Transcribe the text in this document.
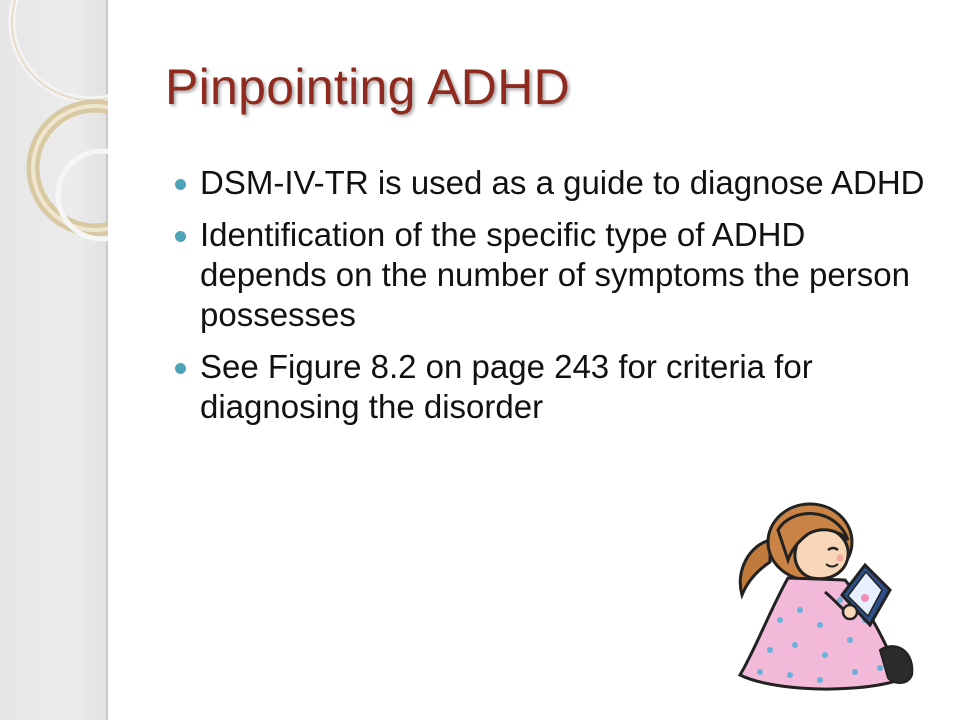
Pinpointing ADHD
DSM-IV-TR is used as a guide to diagnose ADHD
Identification of the specific type of ADHD depends on the number of symptoms the person possesses
See Figure 8.2 on page 243 for criteria for diagnosing the disorder
